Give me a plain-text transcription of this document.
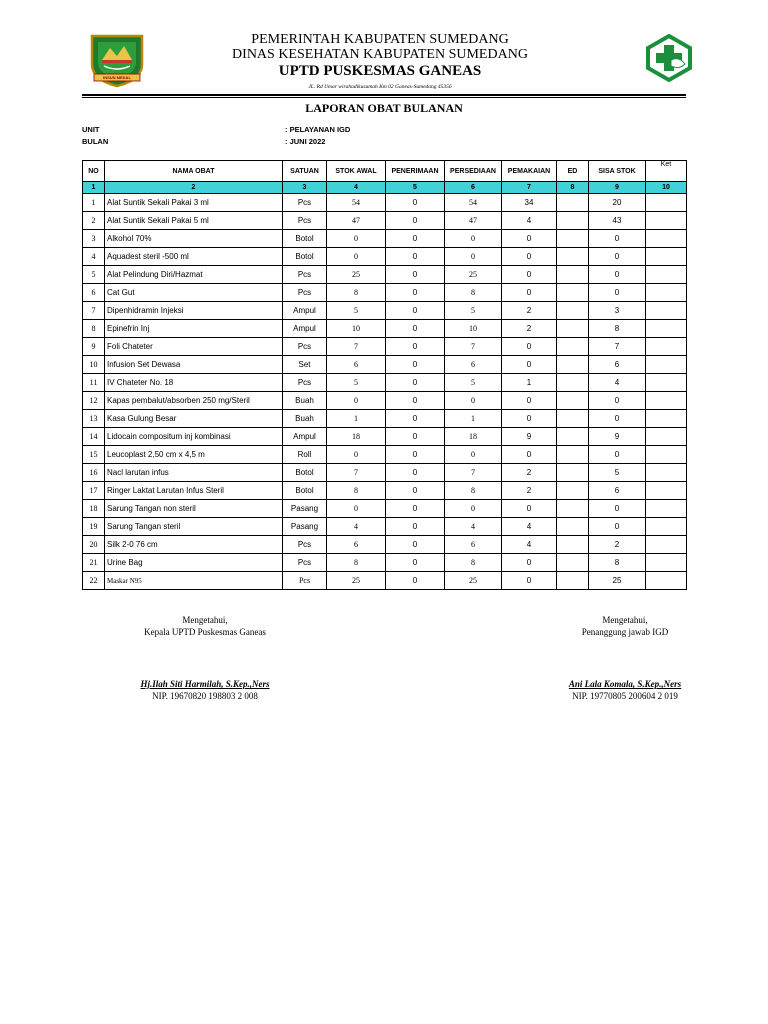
INSUN MEDAL
PEMERINTAH KABUPATEN SUMEDANG
DINAS KESEHATAN KABUPATEN SUMEDANG
UPTD PUSKESMAS GANEAS
JL. Rd Umar wirahadikusumah Km 02 Ganeas-Sumedang 45356
LAPORAN OBAT BULANAN
UNIT	: PELAYANAN IGD
BULAN	: JUNI 2022
NO	NAMA OBAT	SATUAN	STOK AWAL	PENERIMAAN	PERSEDIAAN	PEMAKAIAN	ED	SISA STOK	Ket
1	2	3	4	5	6	7	8	9	10
1	Alat Suntik Sekali Pakai 3 ml	Pcs	54	0	54	34		20	
2	Alat Suntik Sekali Pakai 5 ml	Pcs	47	0	47	4		43	
3	Alkohol 70%	Botol	0	0	0	0		0	
4	Aquadest steril -500 ml	Botol	0	0	0	0		0	
5	Alat Pelindung Diri/Hazmat	Pcs	25	0	25	0		0	
6	Cat Gut	Pcs	8	0	8	0		0	
7	Dipenhidramin Injeksi	Ampul	5	0	5	2		3	
8	Epinefrin Inj	Ampul	10	0	10	2		8	
9	Foli Chateter	Pcs	7	0	7	0		7	
10	Infusion Set Dewasa	Set	6	0	6	0		6	
11	IV Chateter No. 18	Pcs	5	0	5	1		4	
12	Kapas pembalut/absorben 250 mg/Steril	Buah	0	0	0	0		0	
13	Kasa Gulung Besar	Buah	1	0	1	0		0	
14	Lidocain compositum inj kombinasi	Ampul	18	0	18	9		9	
15	Leucoplast 2,50 cm x 4,5 m	Roll	0	0	0	0		0	
16	Nacl larutan infus	Botol	7	0	7	2		5	
17	Ringer Laktat Larutan Infus Steril	Botol	8	0	8	2		6	
18	Sarung Tangan non steril	Pasang	0	0	0	0		0	
19	Sarung Tangan steril	Pasang	4	0	4	4		0	
20	Silk 2-0 76 cm	Pcs	6	0	6	4		2	
21	Urine Bag	Pcs	8	0	8	0		8	
22	Maskar N95	Pcs	25	0	25	0		25	
Mengetahui,
Kepala UPTD Puskesmas Ganeas
Hj.Ilah Siti Harmilah, S.Kep.,Ners
NIP. 19670820 198803 2 008
Mengetahui,
Penanggung jawab IGD
Ani Lala Komala, S.Kep.,Ners
NIP. 19770805 200604 2 019
